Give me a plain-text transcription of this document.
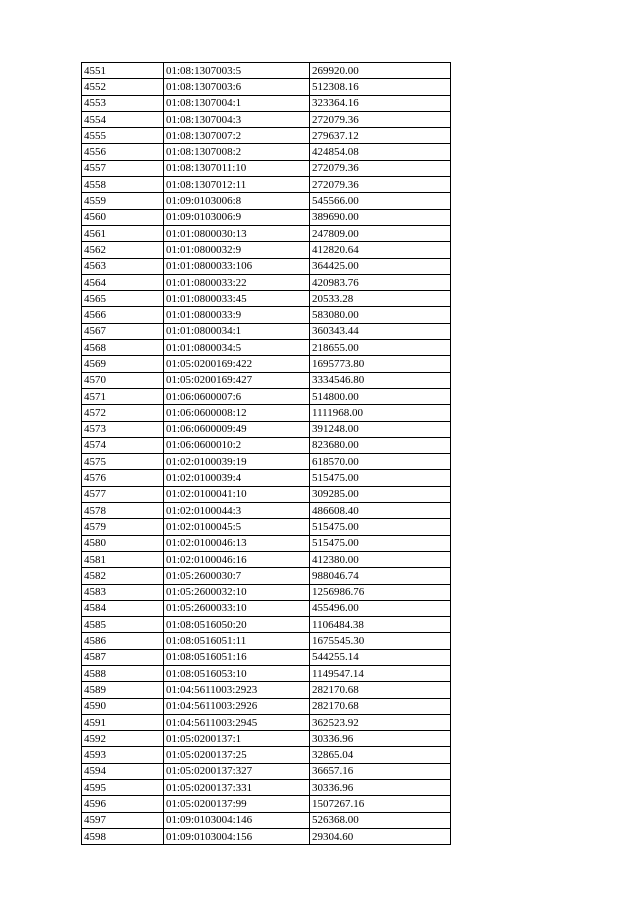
4551	01:08:1307003:5	269920.00
4552	01:08:1307003:6	512308.16
4553	01:08:1307004:1	323364.16
4554	01:08:1307004:3	272079.36
4555	01:08:1307007:2	279637.12
4556	01:08:1307008:2	424854.08
4557	01:08:1307011:10	272079.36
4558	01:08:1307012:11	272079.36
4559	01:09:0103006:8	545566.00
4560	01:09:0103006:9	389690.00
4561	01:01:0800030:13	247809.00
4562	01:01:0800032:9	412820.64
4563	01:01:0800033:106	364425.00
4564	01:01:0800033:22	420983.76
4565	01:01:0800033:45	20533.28
4566	01:01:0800033:9	583080.00
4567	01:01:0800034:1	360343.44
4568	01:01:0800034:5	218655.00
4569	01:05:0200169:422	1695773.80
4570	01:05:0200169:427	3334546.80
4571	01:06:0600007:6	514800.00
4572	01:06:0600008:12	1111968.00
4573	01:06:0600009:49	391248.00
4574	01:06:0600010:2	823680.00
4575	01:02:0100039:19	618570.00
4576	01:02:0100039:4	515475.00
4577	01:02:0100041:10	309285.00
4578	01:02:0100044:3	486608.40
4579	01:02:0100045:5	515475.00
4580	01:02:0100046:13	515475.00
4581	01:02:0100046:16	412380.00
4582	01:05:2600030:7	988046.74
4583	01:05:2600032:10	1256986.76
4584	01:05:2600033:10	455496.00
4585	01:08:0516050:20	1106484.38
4586	01:08:0516051:11	1675545.30
4587	01:08:0516051:16	544255.14
4588	01:08:0516053:10	1149547.14
4589	01:04:5611003:2923	282170.68
4590	01:04:5611003:2926	282170.68
4591	01:04:5611003:2945	362523.92
4592	01:05:0200137:1	30336.96
4593	01:05:0200137:25	32865.04
4594	01:05:0200137:327	36657.16
4595	01:05:0200137:331	30336.96
4596	01:05:0200137:99	1507267.16
4597	01:09:0103004:146	526368.00
4598	01:09:0103004:156	29304.60
